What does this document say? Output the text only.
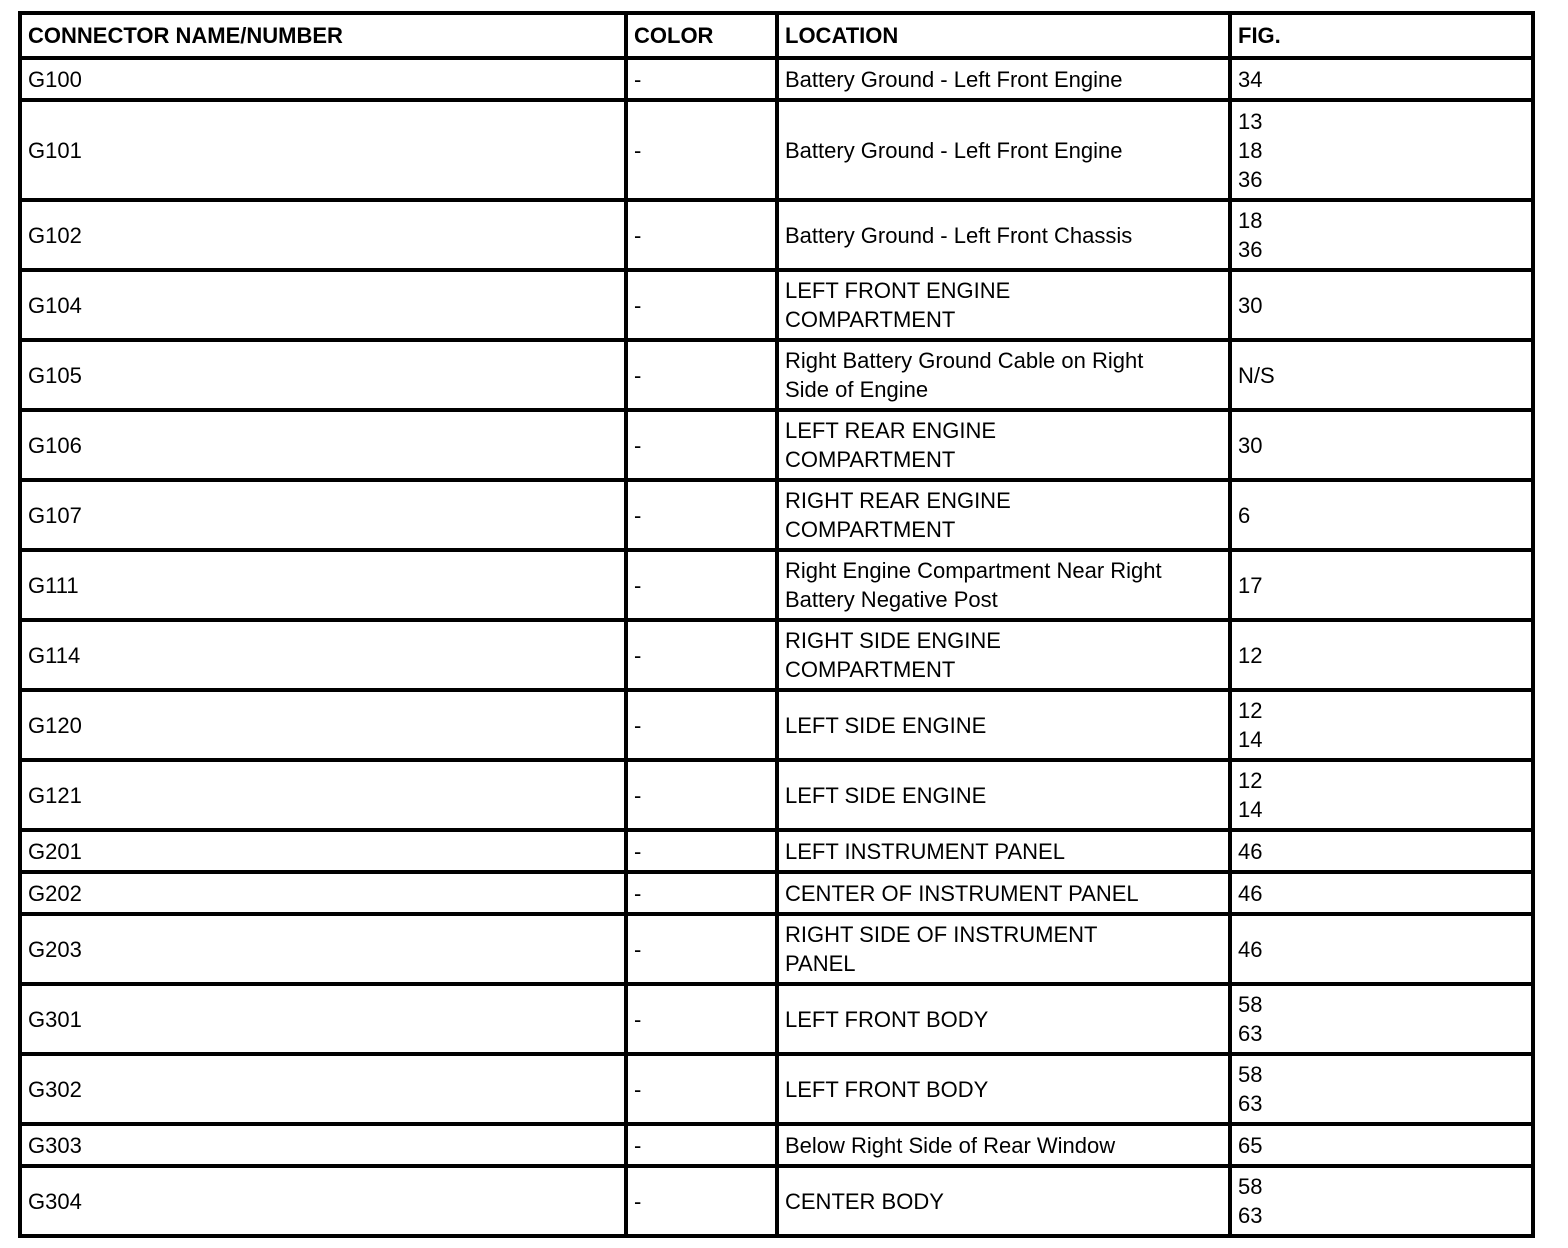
CONNECTOR NAME/NUMBER	COLOR	LOCATION	FIG.
G100	-	Battery Ground - Left Front Engine	34

G101	-	Battery Ground - Left Front Engine	13
18
36

G102	-	Battery Ground - Left Front Chassis	18
36

G104	-	LEFT FRONT ENGINE
COMPARTMENT	30

G105	-	Right Battery Ground Cable on Right
Side of Engine	N/S

G106	-	LEFT REAR ENGINE
COMPARTMENT	30

G107	-	RIGHT REAR ENGINE
COMPARTMENT	6

G111	-	Right Engine Compartment Near Right
Battery Negative Post	17

G114	-	RIGHT SIDE ENGINE
COMPARTMENT	12

G120	-	LEFT SIDE ENGINE	12
14

G121	-	LEFT SIDE ENGINE	12
14

G201	-	LEFT INSTRUMENT PANEL	46

G202	-	CENTER OF INSTRUMENT PANEL	46

G203	-	RIGHT SIDE OF INSTRUMENT
PANEL	46

G301	-	LEFT FRONT BODY	58
63

G302	-	LEFT FRONT BODY	58
63

G303	-	Below Right Side of Rear Window	65

G304	-	CENTER BODY	58
63
